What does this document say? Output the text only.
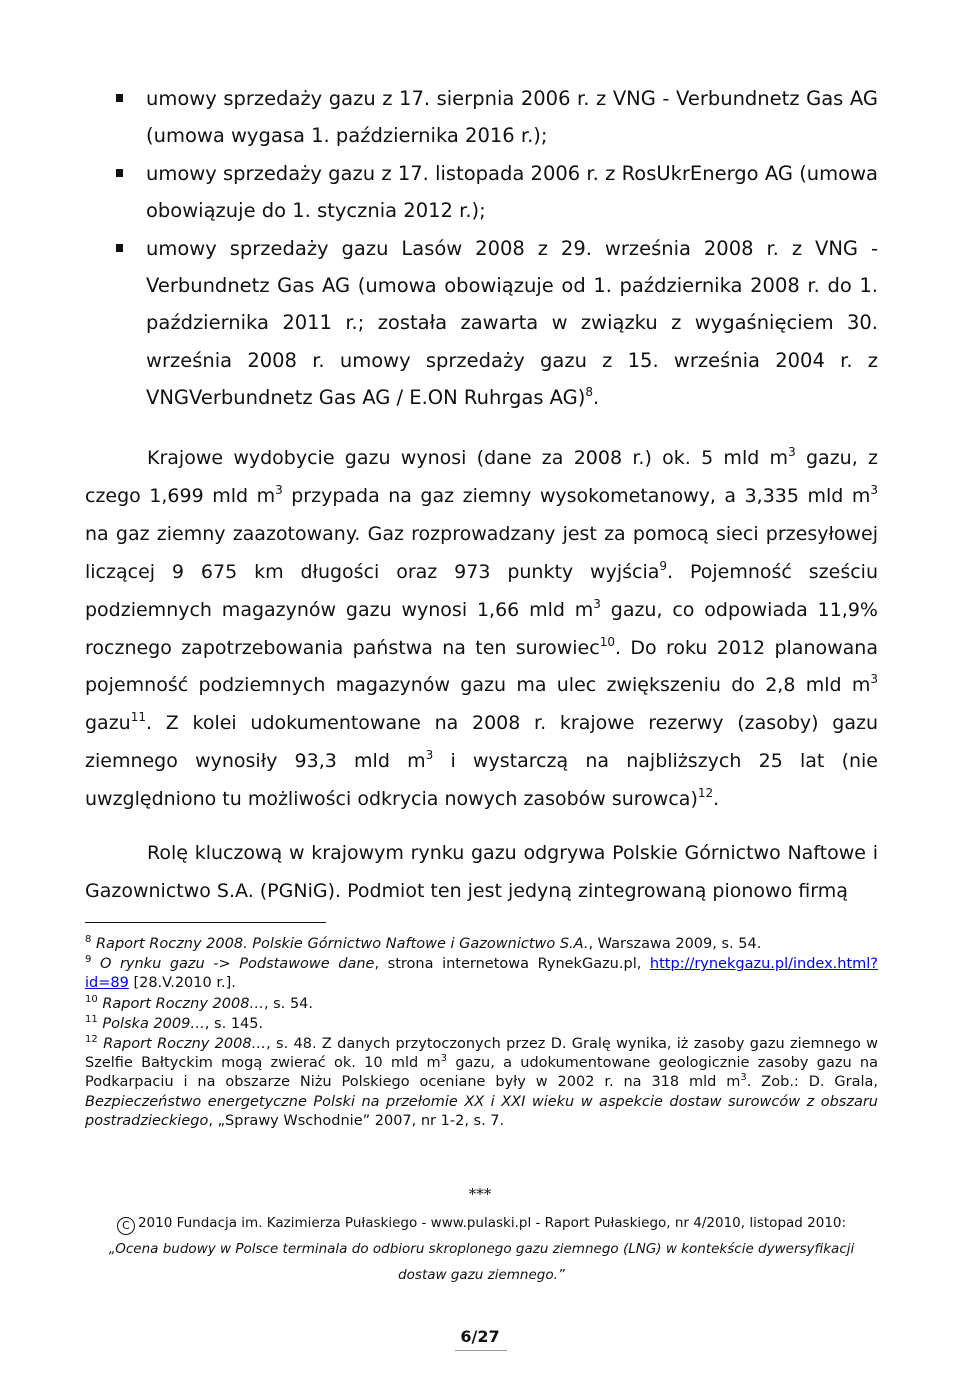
umowy sprzedaży gazu z 17. sierpnia 2006 r. z VNG - Verbundnetz Gas AG (umowa wygasa 1. października 2016 r.);
umowy sprzedaży gazu z 17. listopada 2006 r. z RosUkrEnergo AG (umowa obowiązuje do 1. stycznia 2012 r.);
umowy sprzedaży gazu Lasów 2008 z 29. września 2008 r. z VNG - Verbundnetz Gas AG (umowa obowiązuje od 1. października 2008 r. do 1. października 2011 r.; została zawarta w związku z wygaśnięciem 30. września 2008 r. umowy sprzedaży gazu z 15. września 2004 r. z VNGVerbundnetz Gas AG / E.ON Ruhrgas AG)$^8$.

Krajowe wydobycie gazu wynosi (dane za 2008 r.) ok. 5 mld $m^3$ gazu, z czego 1,699 mld $m^3$ przypada na gaz ziemny wysokometanowy, a 3,335 mld $m^3$ na gaz ziemny zaazotowany. Gaz rozprowadzany jest za pomocą sieci przesyłowej liczącej 9 675 km długości oraz 973 punkty wyjścia$^9$. Pojemność sześciu podziemnych magazynów gazu wynosi 1,66 mld $m^3$ gazu, co odpowiada 11,9% rocznego zapotrzebowania państwa na ten surowiec$^{10}$. Do roku 2012 planowana pojemność podziemnych magazynów gazu ma ulec zwiększeniu do 2,8 mld $m^3$ gazu$^{11}$. Z kolei udokumentowane na 2008 r. krajowe rezerwy (zasoby) gazu ziemnego wynosiły 93,3 mld $m^3$ i wystarczą na najbliższych 25 lat (nie uwzględniono tu możliwości odkrycia nowych zasobów surowca)$^{12}$.

Rolę kluczową w krajowym rynku gazu odgrywa Polskie Górnictwo Naftowe i Gazownictwo S.A. (PGNiG). Podmiot ten jest jedyną zintegrowaną pionowo firmą

$^8$ Raport Roczny 2008. Polskie Górnictwo Naftowe i Gazownictwo S.A., Warszawa 2009, s. 54.

$^9$ O rynku gazu -> Podstawowe dane, strona internetowa RynekGazu.pl, http://rynekgazu.pl/index.html?id=89 [28.V.2010 r.].

$^{10}$ Raport Roczny 2008…, s. 54.

$^{11}$ Polska 2009…, s. 145.

$^{12}$ Raport Roczny 2008…, s. 48. Z danych przytoczonych przez D. Gralę wynika, iż zasoby gazu ziemnego w Szelfie Bałtyckim mogą zwierać ok. 10 mld $m^3$ gazu, a udokumentowane geologicznie zasoby gazu na Podkarpaciu i na obszarze Niżu Polskiego oceniane były w 2002 r. na 318 mld $m^3$. Zob.: D. Grala, Bezpieczeństwo energetyczne Polski na przełomie XX i XXI wieku w aspekcie dostaw surowców z obszaru postradzieckiego, „Sprawy Wschodnie” 2007, nr 1-2, s. 7.

***
C 2010 Fundacja im. Kazimierza Pułaskiego - www.pulaski.pl - Raport Pułaskiego, nr 4/2010, listopad 2010:
„Ocena budowy w Polsce terminala do odbioru skroplonego gazu ziemnego (LNG) w kontekście dywersyfikacji
dostaw gazu ziemnego.”
6/27
